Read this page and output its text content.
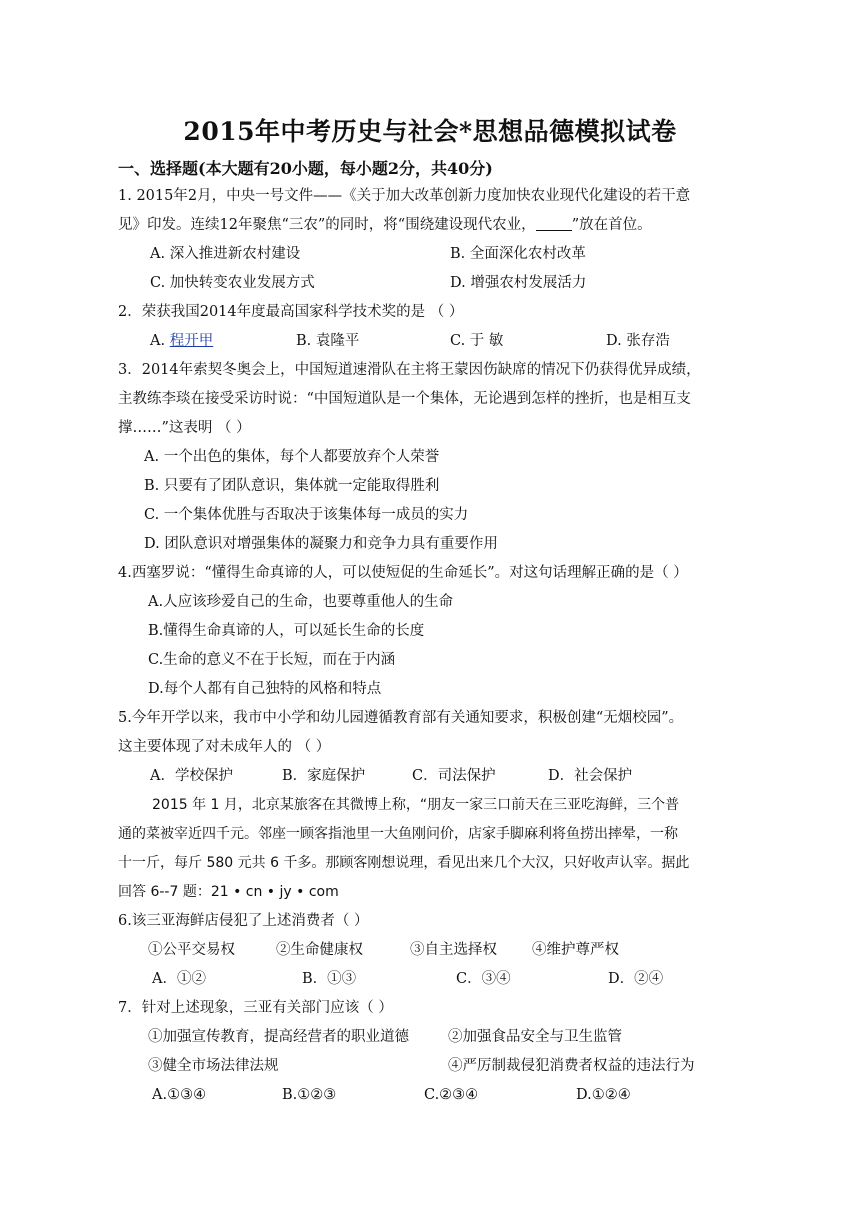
2015年中考历史与社会*思想品德模拟试卷
一、选择题(本大题有20小题，每小题2分，共40分)
1. 2015年2月，中央一号文件——《关于加大改革创新力度加快农业现代化建设的若干意
见》印发。连续12年聚焦“三农”的同时，将“围绕建设现代农业， ”放在首位。
A. 深入推进新农村建设	B. 全面深化农村改革
C. 加快转变农业发展方式	D. 增强农村发展活力
2．荣获我国2014年度最高国家科学技术奖的是 （ ）
A. 程开甲	B. 袁隆平	C. 于 敏	D. 张存浩
3．2014年索契冬奥会上，中国短道速滑队在主将王蒙因伤缺席的情况下仍获得优异成绩，
主教练李琰在接受采访时说：“中国短道队是一个集体，无论遇到怎样的挫折，也是相互支
撑……”这表明 （ ）
A. 一个出色的集体，每个人都要放弃个人荣誉
B. 只要有了团队意识，集体就一定能取得胜利
C. 一个集体优胜与否取决于该集体每一成员的实力
D. 团队意识对增强集体的凝聚力和竞争力具有重要作用
4.西塞罗说：“懂得生命真谛的人，可以使短促的生命延长”。对这句话理解正确的是（ ）
A.人应该珍爱自己的生命，也要尊重他人的生命
B.懂得生命真谛的人，可以延长生命的长度
C.生命的意义不在于长短，而在于内涵
D.每个人都有自己独特的风格和特点
5.今年开学以来，我市中小学和幼儿园遵循教育部有关通知要求，积极创建“无烟校园”。
这主要体现了对未成年人的 （ ）
A．学校保护	B．家庭保护	C．司法保护	D．社会保护
2015 年 1 月，北京某旅客在其微博上称，“朋友一家三口前天在三亚吃海鲜，三个普
通的菜被宰近四千元。邻座一顾客指池里一大鱼刚问价，店家手脚麻利将鱼捞出摔晕，一称
十一斤，每斤 580 元共 6 千多。那顾客刚想说理，看见出来几个大汉，只好收声认宰。据此
回答 6--7 题：21 • cn • jy • com
6.该三亚海鲜店侵犯了上述消费者（ ）
①公平交易权	②生命健康权	③自主选择权 ④维护尊严权
A．①②	B．①③	C．③④	D．②④
7．针对上述现象，三亚有关部门应该（ ）
①加强宣传教育，提高经营者的职业道德	②加强食品安全与卫生监管
③健全市场法律法规	④严厉制裁侵犯消费者权益的违法行为
A.①③④	B.①②③	C.②③④	D.①②④
